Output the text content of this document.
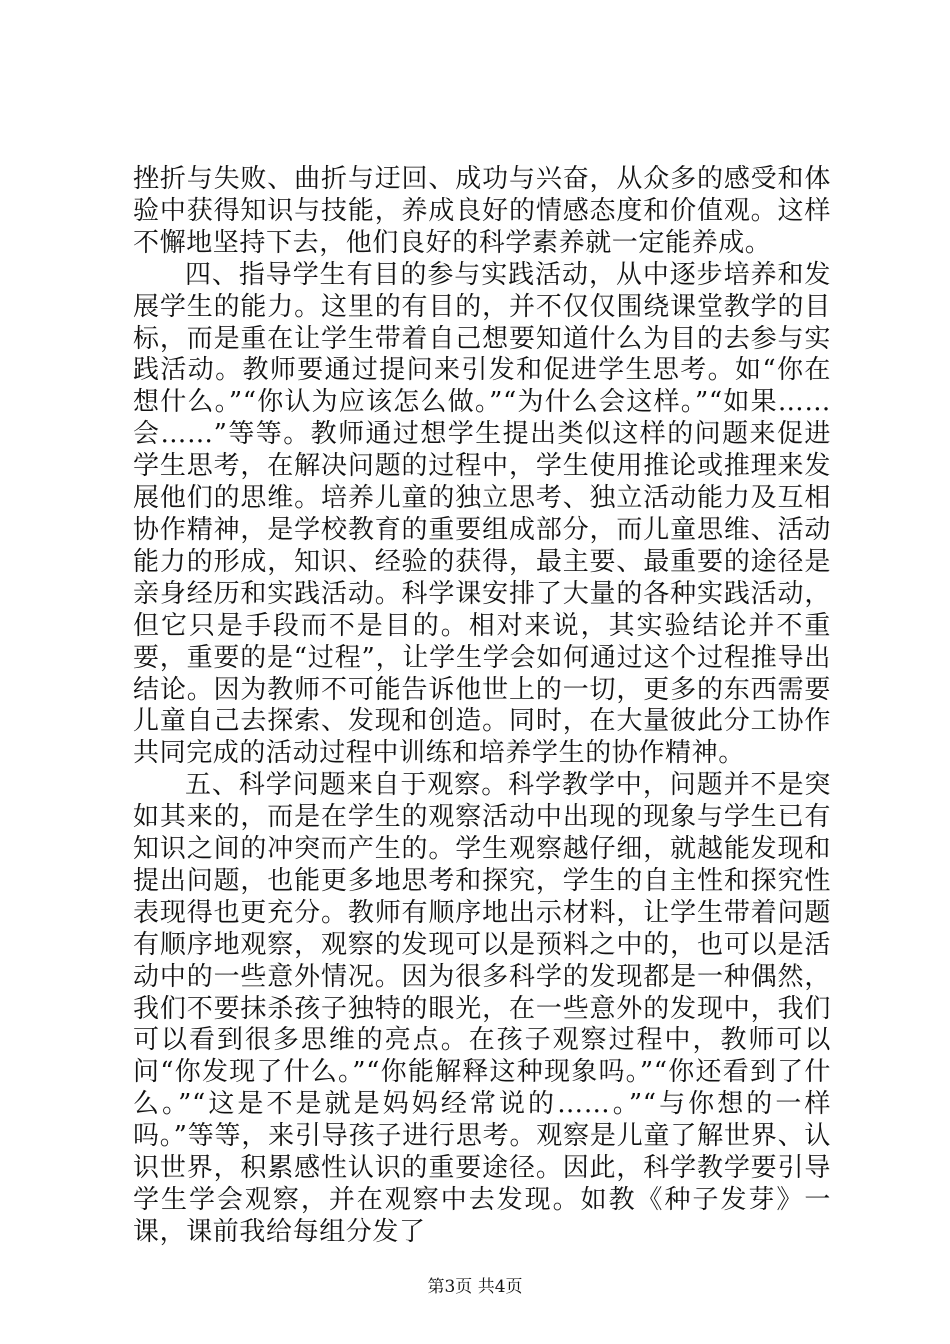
挫折与失败、曲折与迂回、成功与兴奋，从众多的感受和体验中获得知识与技能，养成良好的情感态度和价值观。这样不懈地坚持下去，他们良好的科学素养就一定能养成。

四、指导学生有目的参与实践活动，从中逐步培养和发展学生的能力。这里的有目的，并不仅仅围绕课堂教学的目标，而是重在让学生带着自己想要知道什么为目的去参与实践活动。教师要通过提问来引发和促进学生思考。如“你在想什么。”“你认为应该怎么做。”“为什么会这样。”“如果……会……”等等。教师通过想学生提出类似这样的问题来促进学生思考，在解决问题的过程中，学生使用推论或推理来发展他们的思维。培养儿童的独立思考、独立活动能力及互相协作精神，是学校教育的重要组成部分，而儿童思维、活动能力的形成，知识、经验的获得，最主要、最重要的途径是亲身经历和实践活动。科学课安排了大量的各种实践活动，但它只是手段而不是目的。相对来说，其实验结论并不重要，重要的是“过程”，让学生学会如何通过这个过程推导出结论。因为教师不可能告诉他世上的一切，更多的东西需要儿童自己去探索、发现和创造。同时，在大量彼此分工协作共同完成的活动过程中训练和培养学生的协作精神。

五、科学问题来自于观察。科学教学中，问题并不是突如其来的，而是在学生的观察活动中出现的现象与学生已有知识之间的冲突而产生的。学生观察越仔细，就越能发现和提出问题，也能更多地思考和探究，学生的自主性和探究性表现得也更充分。教师有顺序地出示材料，让学生带着问题有顺序地观察，观察的发现可以是预料之中的，也可以是活动中的一些意外情况。因为很多科学的发现都是一种偶然，我们不要抹杀孩子独特的眼光，在一些意外的发现中，我们可以看到很多思维的亮点。在孩子观察过程中，教师可以问“你发现了什么。”“你能解释这种现象吗。”“你还看到了什么。”“这是不是就是妈妈经常说的……。”“与你想的一样吗。”等等，来引导孩子进行思考。观察是儿童了解世界、认识世界，积累感性认识的重要途径。因此，科学教学要引导学生学会观察，并在观察中去发现。如教《种子发芽》一课，课前我给每组分发了

第3页 共4页
